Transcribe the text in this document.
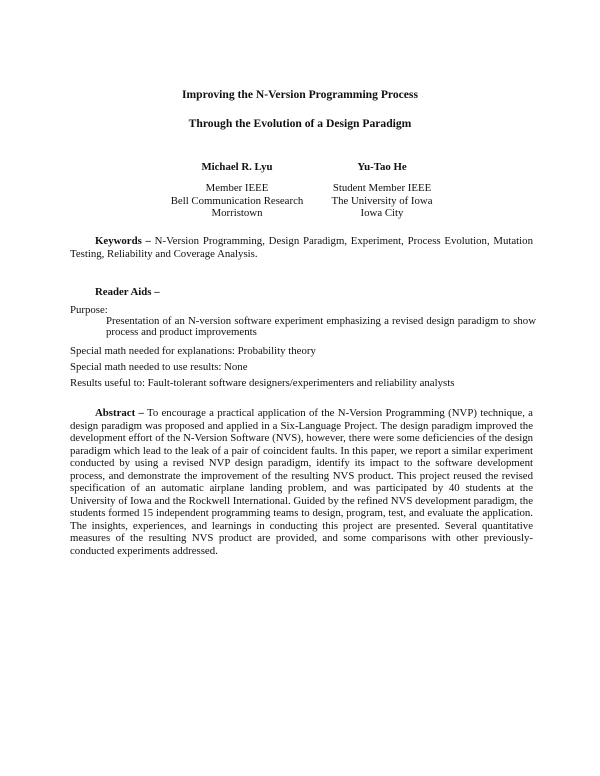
Improving the N-Version Programming Process
Through the Evolution of a Design Paradigm
Michael R. Lyu
Member IEEE
Bell Communication Research
Morristown
Yu-Tao He
Student Member IEEE
The University of Iowa
Iowa City
Keywords – N-Version Programming, Design Paradigm, Experiment, Process Evolution, Mutation Testing, Reliability and Coverage Analysis.
Reader Aids –
Purpose:
Presentation of an N-version software experiment emphasizing a revised design paradigm to show process and product improvements
Special math needed for explanations: Probability theory
Special math needed to use results: None
Results useful to: Fault-tolerant software designers/experimenters and reliability analysts
Abstract – To encourage a practical application of the N-Version Programming (NVP) technique, a design paradigm was proposed and applied in a Six-Language Project. The design paradigm improved the development effort of the N-Version Software (NVS), however, there were some deficiencies of the design paradigm which lead to the leak of a pair of coincident faults. In this paper, we report a similar experiment conducted by using a revised NVP design paradigm, identify its impact to the software development process, and demonstrate the improvement of the resulting NVS product. This project reused the revised specification of an automatic airplane landing problem, and was participated by 40 students at the University of Iowa and the Rockwell International. Guided by the refined NVS development paradigm, the students formed 15 independent programming teams to design, program, test, and evaluate the application. The insights, experiences, and learnings in conducting this project are presented. Several quantitative measures of the resulting NVS product are provided, and some comparisons with other previously-conducted experiments addressed.
